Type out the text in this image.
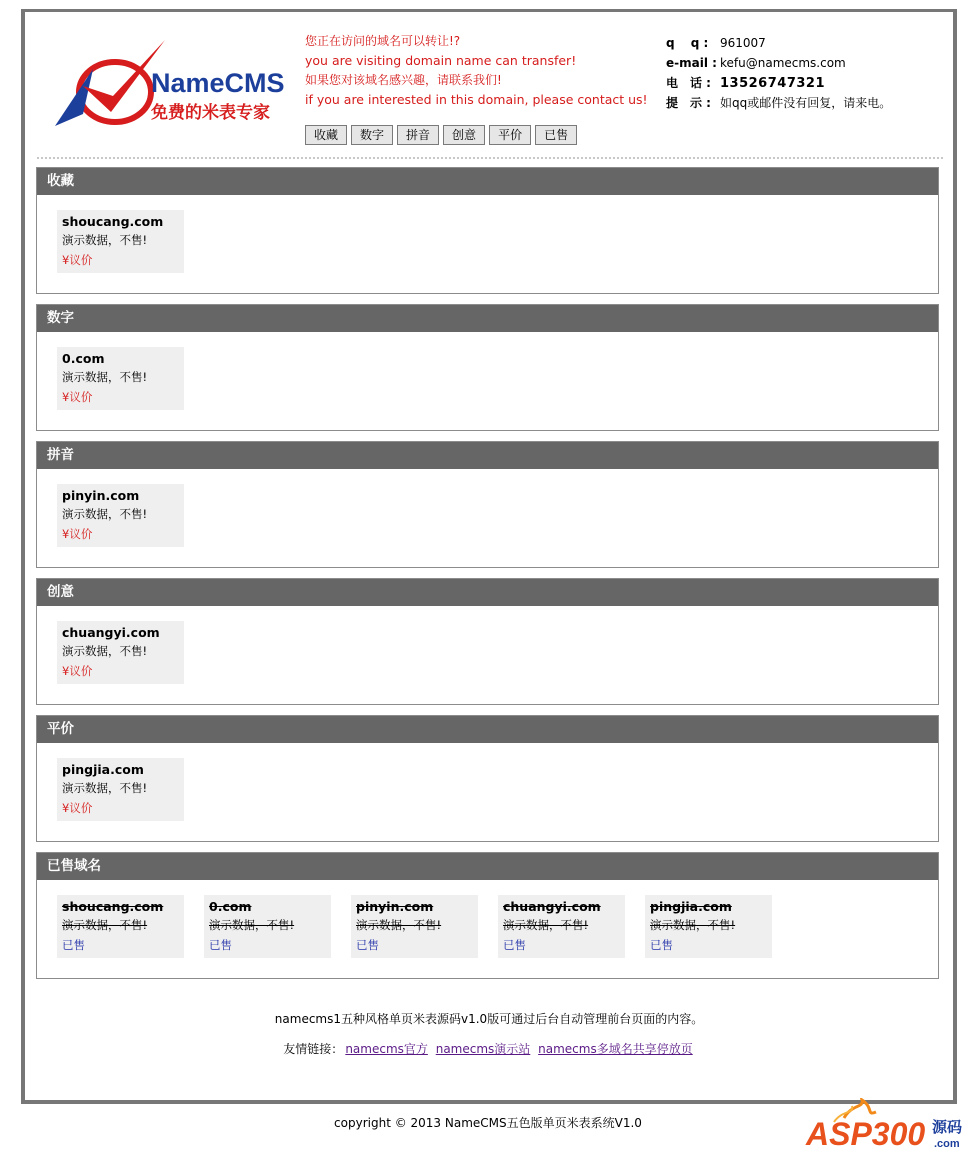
NameCMS
免费的米表专家
您正在访问的域名可以转让!?
you are visiting domain name can transfer!
如果您对该域名感兴趣，请联系我们!
if you are interested in this domain, please contact us!
q　 q : 961007
e-mail : kefu@namecms.com
电　话 : 13526747321
提　示 : 如qq或邮件没有回复，请来电。
收藏	数字	拼音	创意	平价	已售
收藏
shoucang.com
演示数据，不售!
¥议价
数字
0.com
演示数据，不售!
¥议价
拼音
pinyin.com
演示数据，不售!
¥议价
创意
chuangyi.com
演示数据，不售!
¥议价
平价
pingjia.com
演示数据，不售!
¥议价
已售域名
shoucang.com
演示数据，不售!
已售
0.com
演示数据，不售!
已售
pinyin.com
演示数据，不售!
已售
chuangyi.com
演示数据，不售!
已售
pingjia.com
演示数据，不售!
已售
namecms1五种风格单页米表源码v1.0版可通过后台自动管理前台页面的内容。
友情链接： namecms官方 namecms演示站 namecms多域名共享停放页
copyright © 2013 NameCMS五色版单页米表系统V1.0	ASP300 源码
.com
